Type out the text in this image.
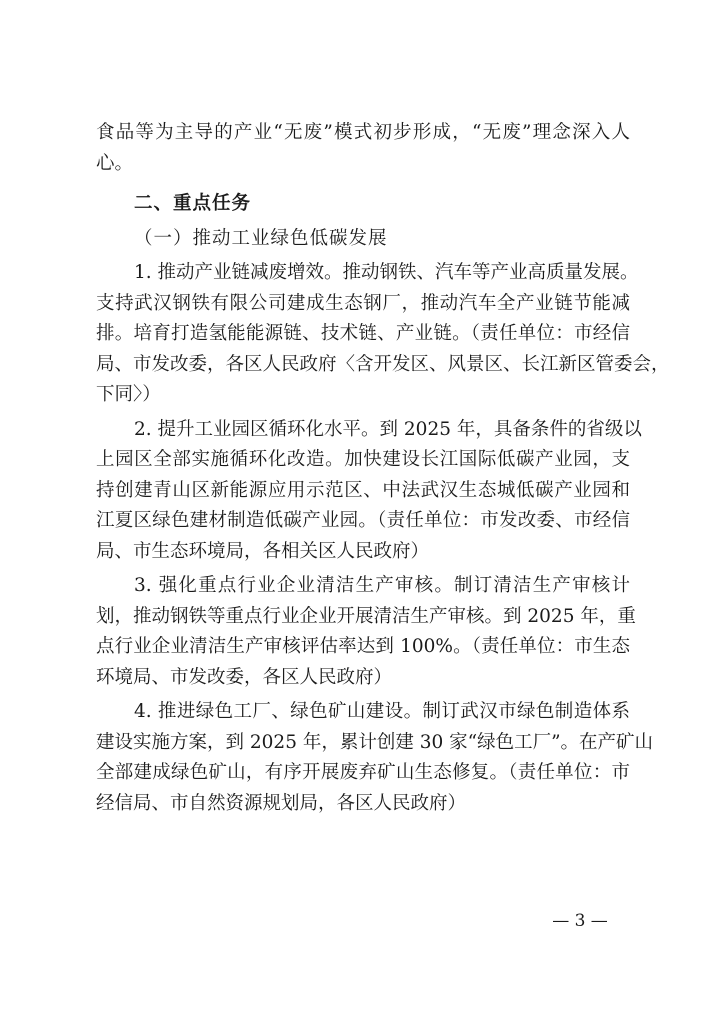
食品等为主导的产业“无废”模式初步形成，“无废”理念深入人
心。
二、重点任务
（一）推动工业绿色低碳发展
1. 推动产业链减废增效。推动钢铁、汽车等产业高质量发展。
支持武汉钢铁有限公司建成生态钢厂，推动汽车全产业链节能减
排。培育打造氢能能源链、技术链、产业链。（责任单位：市经信
局、市发改委，各区人民政府〈含开发区、风景区、长江新区管委会，
下同〉）
2. 提升工业园区循环化水平。到 2025 年，具备条件的省级以
上园区全部实施循环化改造。加快建设长江国际低碳产业园，支
持创建青山区新能源应用示范区、中法武汉生态城低碳产业园和
江夏区绿色建材制造低碳产业园。（责任单位：市发改委、市经信
局、市生态环境局，各相关区人民政府）
3. 强化重点行业企业清洁生产审核。制订清洁生产审核计
划，推动钢铁等重点行业企业开展清洁生产审核。到 2025 年，重
点行业企业清洁生产审核评估率达到 100%。（责任单位：市生态
环境局、市发改委，各区人民政府）
4. 推进绿色工厂、绿色矿山建设。制订武汉市绿色制造体系
建设实施方案，到 2025 年，累计创建 30 家“绿色工厂”。在产矿山
全部建成绿色矿山，有序开展废弃矿山生态修复。（责任单位：市
经信局、市自然资源规划局，各区人民政府）
— 3 —
